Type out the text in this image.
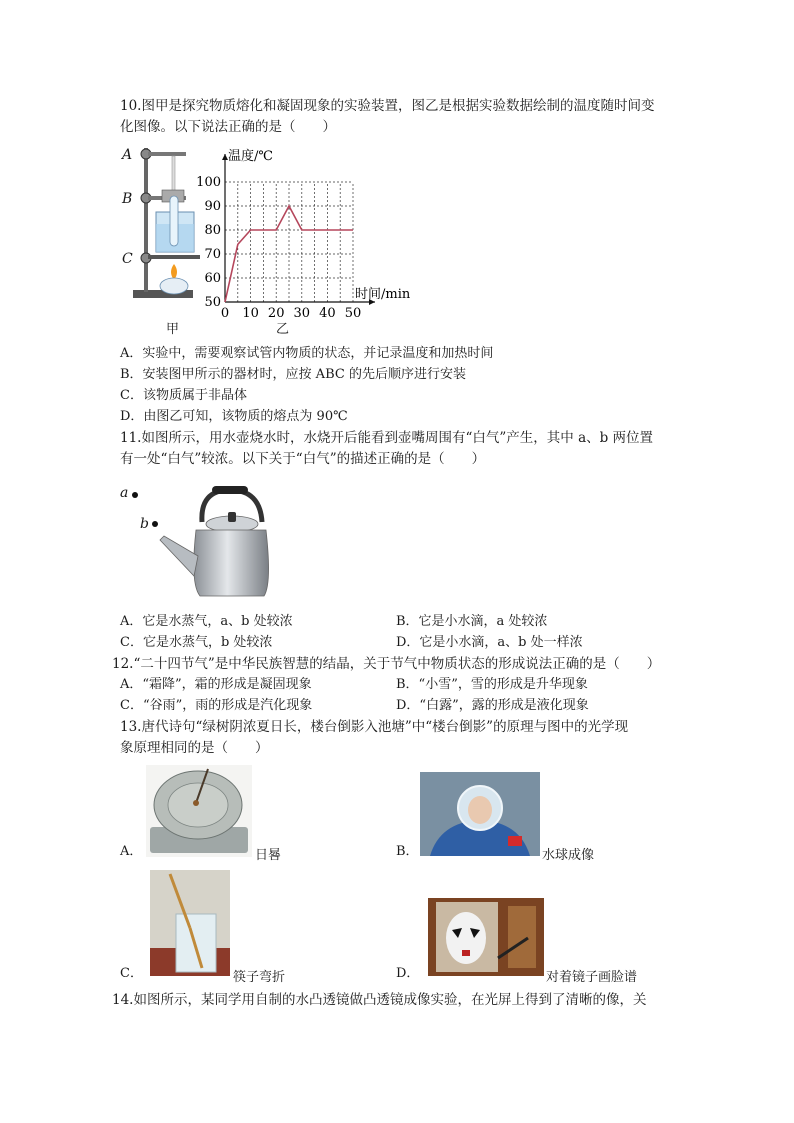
10.图甲是探究物质熔化和凝固现象的实验装置，图乙是根据实验数据绘制的温度随时间变
化图像。以下说法正确的是（　　）
A
B
C
甲
0 10 20 30 40 50
50
60
70
80
90
100
温度/℃
时间/min
乙
A．实验中，需要观察试管内物质的状态，并记录温度和加热时间
B．安装图甲所示的器材时，应按 ABC 的先后顺序进行安装
C．该物质属于非晶体
D．由图乙可知，该物质的熔点为 90℃
11.如图所示，用水壶烧水时，水烧开后能看到壶嘴周围有“白气”产生，其中 a、b 两位置
有一处“白气”较浓。以下关于“白气”的描述正确的是（　　）
a
b
A．它是水蒸气，a、b 处较浓	B．它是小水滴，a 处较浓
C．它是水蒸气，b 处较浓	D．它是小水滴，a、b 处一样浓
12.“二十四节气”是中华民族智慧的结晶，关于节气中物质状态的形成说法正确的是（　　）
A．“霜降”，霜的形成是凝固现象	B．“小雪”，雪的形成是升华现象
C．“谷雨”，雨的形成是汽化现象	D．“白露”，露的形成是液化现象
13.唐代诗句“绿树阴浓夏日长，楼台倒影入池塘”中“楼台倒影”的原理与图中的光学现
象原理相同的是（　　）
A．	日晷	B．	水球成像
C．	筷子弯折	D．	对着镜子画脸谱
14.如图所示，某同学用自制的水凸透镜做凸透镜成像实验，在光屏上得到了清晰的像，关
